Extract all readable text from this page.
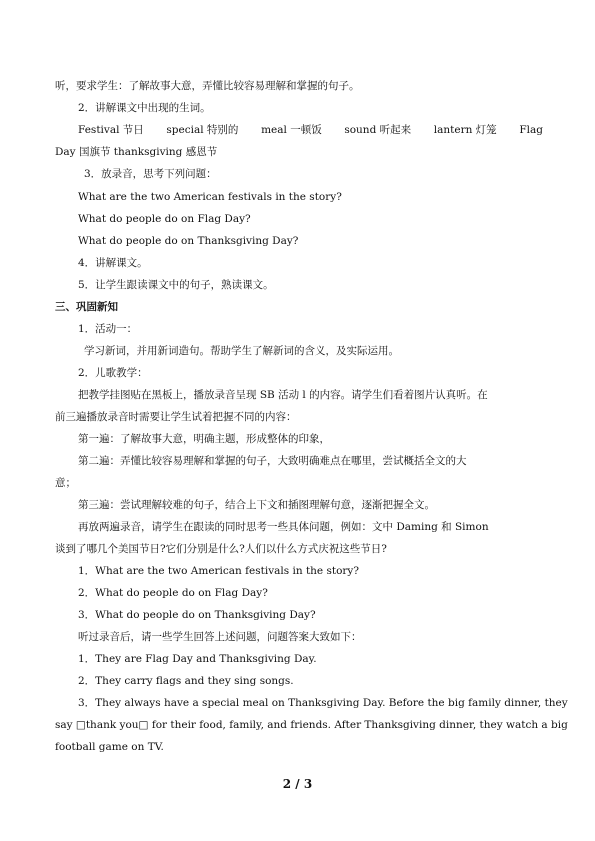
听，要求学生：了解故事大意，弄懂比较容易理解和掌握的句子。
2．讲解课文中出现的生词。
Festival 节日 special 特别的 meal 一顿饭 sound 听起来 lantern 灯笼 Flag
Day 国旗节 thanksgiving 感恩节
3．放录音，思考下列问题：
What are the two American festivals in the story?
What do people do on Flag Day?
What do people do on Thanksgiving Day?
4．讲解课文。
5．让学生跟读课文中的句子，熟读课文。
三、巩固新知
1．活动一：
学习新词，并用新词造句。帮助学生了解新词的含义，及实际运用。
2．儿歌教学：
把教学挂图贴在黑板上，播放录音呈现 SB 活动 l 的内容。请学生们看着图片认真听。在
前三遍播放录音时需要让学生试着把握不同的内容：
第一遍：了解故事大意，明确主题，形成整体的印象，
第二遍：弄懂比较容易理解和掌握的句子，大致明确难点在哪里，尝试概括全文的大
意；
第三遍：尝试理解较难的句子，结合上下文和插图理解句意，逐渐把握全文。
再放两遍录音，请学生在跟读的同时思考一些具体问题，例如：文中 Daming 和 Simon
谈到了哪几个美国节日?它们分别是什么?人们以什么方式庆祝这些节日?
1．What are the two American festivals in the story?
2．What do people do on Flag Day?
3．What do people do on Thanksgiving Day?
听过录音后，请一些学生回答上述问题，问题答案大致如下：
1．They are Flag Day and Thanksgiving Day.
2．They carry flags and they sing songs.
3．They always have a special meal on Thanksgiving Day. Before the big family dinner, they
say □thank you□ for their food, family, and friends. After Thanksgiving dinner, they watch a big
football game on TV.
2 / 3
